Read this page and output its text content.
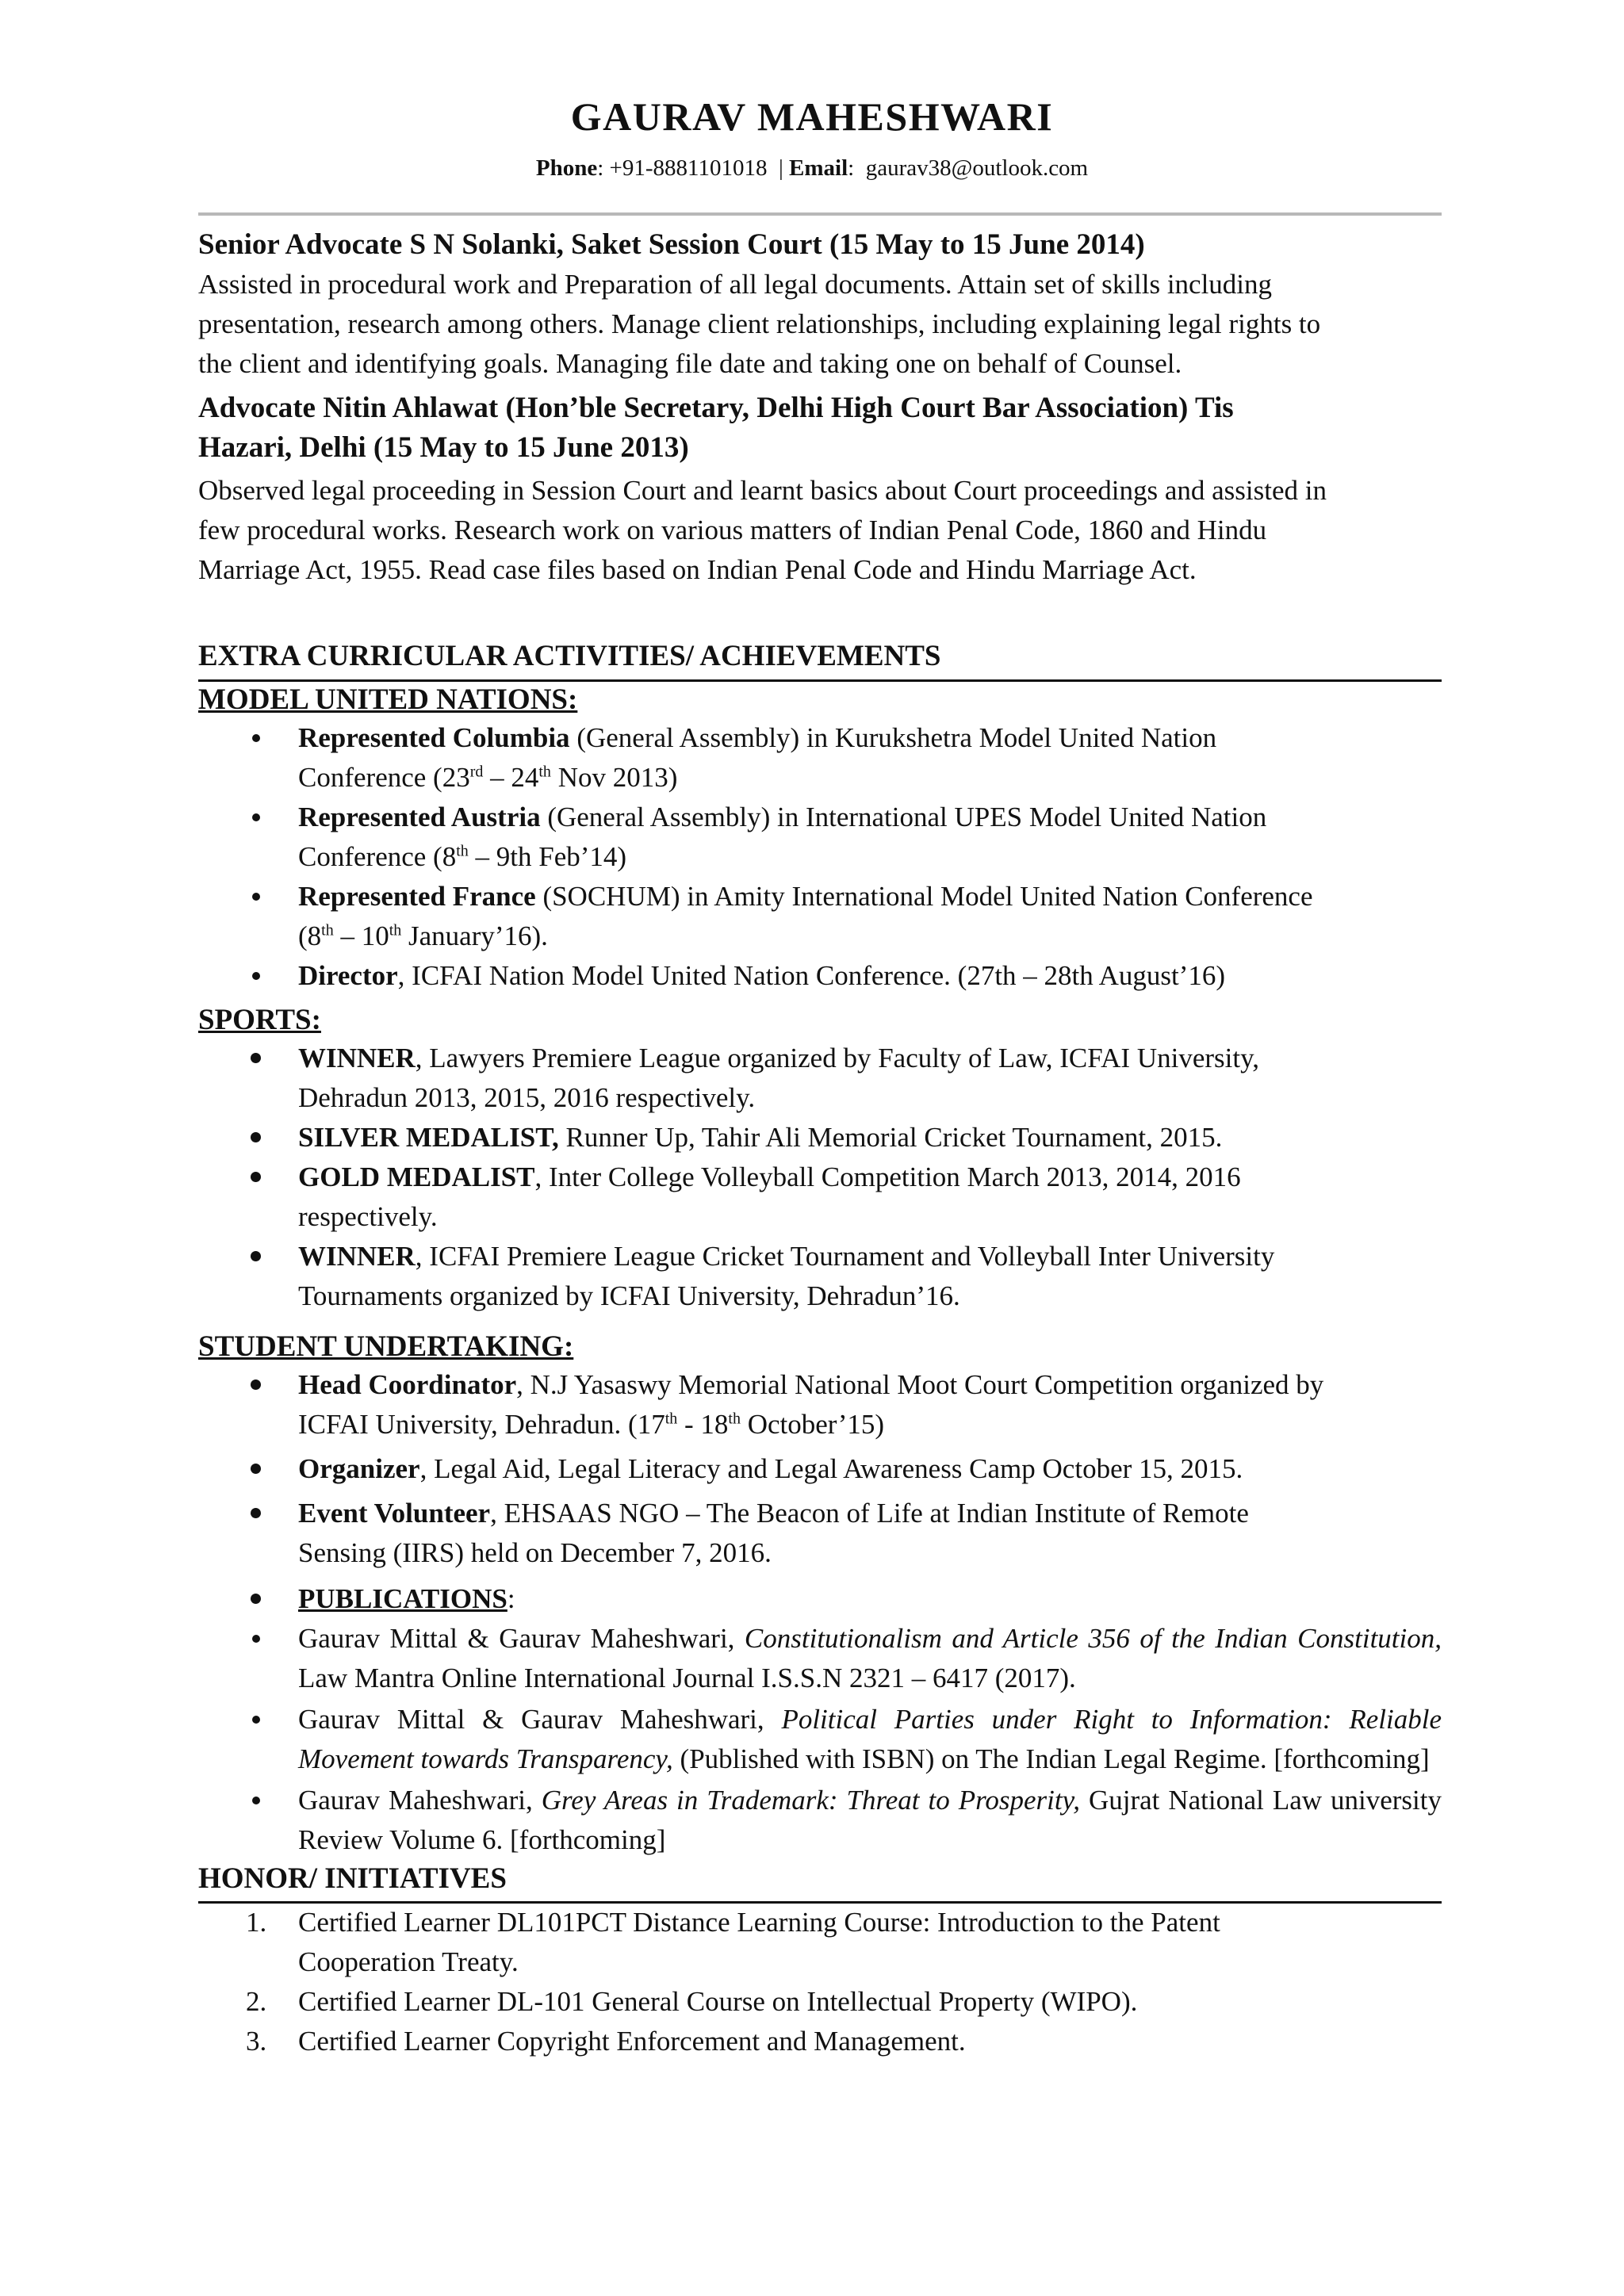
GAURAV MAHESHWARI
Phone: +91-8881101018  | Email:  gaurav38@outlook.com
Senior Advocate S N Solanki, Saket Session Court (15 May to 15 June 2014)
Assisted in procedural work and Preparation of all legal documents. Attain set of skills including
presentation, research among others. Manage client relationships, including explaining legal rights to
the client and identifying goals. Managing file date and taking one on behalf of Counsel.
Advocate Nitin Ahlawat (Hon’ble Secretary, Delhi High Court Bar Association) Tis
Hazari, Delhi (15 May to 15 June 2013)
Observed legal proceeding in Session Court and learnt basics about Court proceedings and assisted in
few procedural works. Research work on various matters of Indian Penal Code, 1860 and Hindu
Marriage Act, 1955. Read case files based on Indian Penal Code and Hindu Marriage Act.
EXTRA CURRICULAR ACTIVITIES/ ACHIEVEMENTS
MODEL UNITED NATIONS:
Represented Columbia (General Assembly) in Kurukshetra Model United Nation
Conference (23rd – 24th Nov 2013)
Represented Austria (General Assembly) in International UPES Model United Nation
Conference (8th – 9th Feb’14)
Represented France (SOCHUM) in Amity International Model United Nation Conference
(8th – 10th January’16).
Director, ICFAI Nation Model United Nation Conference. (27th – 28th August’16)
SPORTS:
WINNER, Lawyers Premiere League organized by Faculty of Law, ICFAI University,
Dehradun 2013, 2015, 2016 respectively.
SILVER MEDALIST, Runner Up, Tahir Ali Memorial Cricket Tournament, 2015.
GOLD MEDALIST, Inter College Volleyball Competition March 2013, 2014, 2016
respectively.
WINNER, ICFAI Premiere League Cricket Tournament and Volleyball Inter University
Tournaments organized by ICFAI University, Dehradun’16.
STUDENT UNDERTAKING:
Head Coordinator, N.J Yasaswy Memorial National Moot Court Competition organized by
ICFAI University, Dehradun. (17th - 18th October’15)
Organizer, Legal Aid, Legal Literacy and Legal Awareness Camp October 15, 2015.
Event Volunteer, EHSAAS NGO – The Beacon of Life at Indian Institute of Remote
Sensing (IIRS) held on December 7, 2016.
PUBLICATIONS:
Gaurav Mittal & Gaurav Maheshwari, Constitutionalism and Article 356 of the Indian Constitution, Law Mantra Online International Journal I.S.S.N 2321 – 6417 (2017).
Gaurav Mittal & Gaurav Maheshwari, Political Parties under Right to Information: Reliable Movement towards Transparency, (Published with ISBN) on The Indian Legal Regime. [forthcoming]
Gaurav Maheshwari, Grey Areas in Trademark: Threat to Prosperity, Gujrat National Law university Review Volume 6. [forthcoming]
HONOR/ INITIATIVES
1.	Certified Learner DL101PCT Distance Learning Course: Introduction to the Patent
Cooperation Treaty.
2.	Certified Learner DL-101 General Course on Intellectual Property (WIPO).
3.	Certified Learner Copyright Enforcement and Management.
